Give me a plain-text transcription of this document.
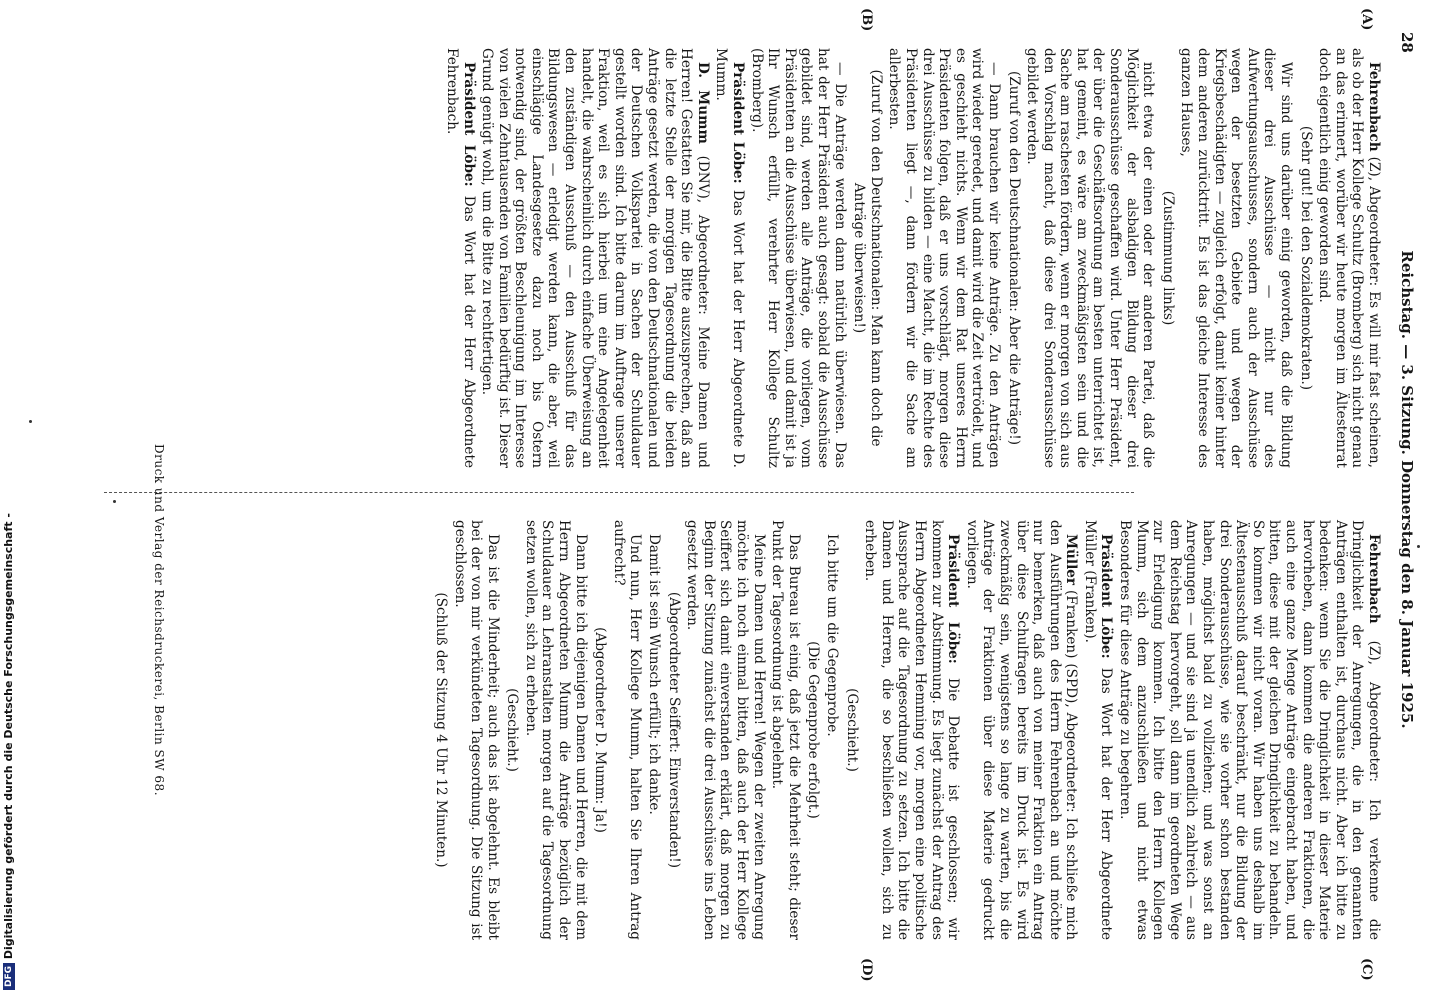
28
Reichstag. — 3. Sitzung. Donnerstag den 8. Januar 1925.
(A)
(B)
(C)
(D)

Fehrenbach (Z), Abgeordneter: Es will mir fast scheinen, als ob der Herr Kollege Schultz (Bromberg) sich nicht genau an das erinnert, worüber wir heute morgen im Ältestenrat doch eigentlich einig geworden sind.

(Sehr gut! bei den Sozialdemokraten.)

Wir sind uns darüber einig geworden, daß die Bildung dieser drei Ausschüsse — nicht nur des Aufwertungsausschusses, sondern auch der Ausschüsse wegen der besetzten Gebiete und wegen der Kriegsbeschädigten — zugleich erfolgt, damit keiner hinter dem anderen zurücktritt. Es ist das gleiche Interesse des ganzen Hauses,

(Zustimmung links)

nicht etwa der einen oder der anderen Partei, daß die Möglichkeit der alsbaldigen Bildung dieser drei Sonderausschüsse geschaffen wird. Unter Herr Präsident, der über die Geschäftsordnung am besten unterrichtet ist, hat gemeint, es wäre am zweckmäßigsten sein und die Sache am raschesten fördern, wenn er morgen von sich aus den Vorschlag macht, daß diese drei Sonderausschüsse gebildet werden.

(Zuruf von den Deutschnationalen: Aber die Anträge!)

— Dann brauchen wir keine Anträge. Zu den Anträgen wird wieder geredet, und damit wird die Zeit vertrödelt, und es geschieht nichts. Wenn wir dem Rat unseres Herrn Präsidenten folgen, daß er uns vorschlägt, morgen diese drei Ausschüsse zu bilden — eine Macht, die im Rechte des Präsidenten liegt —, dann fördern wir die Sache am allerbesten.

(Zuruf von den Deutschnationalen: Man kann doch die Anträge überweisen!)

— Die Anträge werden dann natürlich überwiesen. Das hat der Herr Präsident auch gesagt: sobald die Ausschüsse gebildet sind, werden alle Anträge, die vorliegen, vom Präsidenten an die Ausschüsse überwiesen, und damit ist ja Ihr Wunsch erfüllt, verehrter Herr Kollege Schultz (Bromberg).

Präsident Löbe: Das Wort hat der Herr Abgeordnete D. Mumm.

D. Mumm (DNV), Abgeordneter: Meine Damen und Herren! Gestatten Sie mir, die Bitte auszusprechen, daß an die letzte Stelle der morgigen Tagesordnung die beiden Anträge gesetzt werden, die von den Deutschnationalen und der Deutschen Volkspartei in Sachen der Schuldauer gestellt worden sind. Ich bitte darum im Auftrage unserer Fraktion, weil es sich hierbei um eine Angelegenheit handelt, die wahrscheinlich durch einfache Überweisung an den zuständigen Ausschuß — den Ausschuß für das Bildungswesen — erledigt werden kann, die aber, weil einschlägige Landesgesetze dazu noch bis Ostern notwendig sind, der größten Beschleunigung im Interesse von vielen Zehntausenden von Familien bedürftig ist. Dieser Grund genügt wohl, um die Bitte zu rechtfertigen.

Präsident Löbe: Das Wort hat der Herr Abgeordnete Fehrenbach.

Fehrenbach (Z), Abgeordneter: Ich verkenne die Dringlichkeit der Anregungen, die in den genannten Anträgen enthalten ist, durchaus nicht. Aber ich bitte zu bedenken: wenn Sie die Dringlichkeit in dieser Materie hervorheben, dann kommen die anderen Fraktionen, die auch eine ganze Menge Anträge eingebracht haben, und bitten, diese mit der gleichen Dringlichkeit zu behandeln. So kommen wir nicht voran. Wir haben uns deshalb im Ältestenausschuß darauf beschränkt, nur die Bildung der drei Sonderausschüsse, wie sie vorher schon bestanden haben, möglichst bald zu vollziehen; und was sonst an Anregungen — und sie sind ja unendlich zahlreich — aus dem Reichstag hervorgeht, soll dann im geordneten Wege zur Erledigung kommen. Ich bitte den Herrn Kollegen Mumm, sich dem anzuschließen und nicht etwas Besonderes für diese Anträge zu begehren.

Präsident Löbe: Das Wort hat der Herr Abgeordnete Müller (Franken).

Müller (Franken) (SPD), Abgeordneter: Ich schließe mich den Ausführungen des Herrn Fehrenbach an und möchte nur bemerken, daß auch von meiner Fraktion ein Antrag über diese Schulfragen bereits im Druck ist. Es wird zweckmäßig sein, wenigstens so lange zu warten, bis die Anträge der Fraktionen über diese Materie gedruckt vorliegen.

Präsident Löbe: Die Debatte ist geschlossen; wir kommen zur Abstimmung. Es liegt zunächst der Antrag des Herrn Abgeordneten Hemming vor, morgen eine politische Aussprache auf die Tagesordnung zu setzen. Ich bitte die Damen und Herren, die so beschließen wollen, sich zu erheben.

(Geschieht.)

Ich bitte um die Gegenprobe.

(Die Gegenprobe erfolgt.)

Das Bureau ist einig, daß jetzt die Mehrheit steht; dieser Punkt der Tagesordnung ist abgelehnt.

Meine Damen und Herren! Wegen der zweiten Anregung möchte ich noch einmal bitten, daß auch der Herr Kollege Seiffert sich damit einverstanden erklärt, daß morgen zu Beginn der Sitzung zunächst die drei Ausschüsse ins Leben gesetzt werden.

(Abgeordneter Seiffert: Einverstanden!)

Damit ist sein Wunsch erfüllt; ich danke.

Und nun, Herr Kollege Mumm, halten Sie Ihren Antrag aufrecht?

(Abgeordneter D. Mumm: Ja!)

Dann bitte ich diejenigen Damen und Herren, die mit dem Herrn Abgeordneten Mumm die Anträge bezüglich der Schuldauer an Lehranstalten morgen auf die Tagesordnung setzen wollen, sich zu erheben.

(Geschieht.)

Das ist die Minderheit; auch das ist abgelehnt. Es bleibt bei der von mir verkündeten Tagesordnung. Die Sitzung ist geschlossen.

(Schluß der Sitzung 4 Uhr 12 Minuten.)

Druck und Verlag der Reichsdruckerei, Berlin SW 68.
DFG Digitalisierung gefördert durch die Deutsche Forschungsgemeinschaft -
